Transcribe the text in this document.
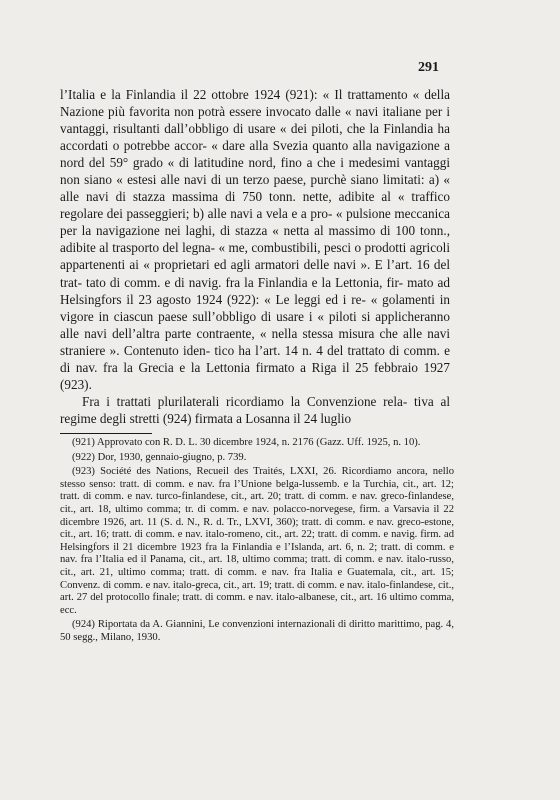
291

l’Italia e la Finlandia il 22 ottobre 1924 (921): « Il trattamento « della Nazione più favorita non potrà essere invocato dalle « navi italiane per i vantaggi, risultanti dall’obbligo di usare « dei piloti, che la Finlandia ha accordati o potrebbe accor- « dare alla Svezia quanto alla navigazione a nord del 59° grado « di latitudine nord, fino a che i medesimi vantaggi non siano « estesi alle navi di un terzo paese, purchè siano limitati: a) « alle navi di stazza massima di 750 tonn. nette, adibite al « traffico regolare dei passeggieri; b) alle navi a vela e a pro- « pulsione meccanica per la navigazione nei laghi, di stazza « netta al massimo di 100 tonn., adibite al trasporto del legna- « me, combustibili, pesci o prodotti agricoli appartenenti ai « proprietari ed agli armatori delle navi ». E l’art. 16 del trat- tato di comm. e di navig. fra la Finlandia e la Lettonia, fir- mato ad Helsingfors il 23 agosto 1924 (922): « Le leggi ed i re- « golamenti in vigore in ciascun paese sull’obbligo di usare i « piloti si applicheranno alle navi dell’altra parte contraente, « nella stessa misura che alle navi straniere ». Contenuto iden- tico ha l’art. 14 n. 4 del trattato di comm. e di nav. fra la Grecia e la Lettonia firmato a Riga il 25 febbraio 1927 (923).

Fra i trattati plurilaterali ricordiamo la Convenzione rela- tiva al regime degli stretti (924) firmata a Losanna il 24 luglio

(921) Approvato con R. D. L. 30 dicembre 1924, n. 2176 (Gazz. Uff. 1925, n. 10).

(922) Dor, 1930, gennaio-giugno, p. 739.

(923) Société des Nations, Recueil des Traités, LXXI, 26. Ricordiamo ancora, nello stesso senso: tratt. di comm. e nav. fra l’Unione belga-lussemb. e la Turchia, cit., art. 12; tratt. di comm. e nav. turco-finlandese, cit., art. 20; tratt. di comm. e nav. greco-finlandese, cit., art. 18, ultimo comma; tr. di comm. e nav. polacco-norvegese, firm. a Varsavia il 22 dicembre 1926, art. 11 (S. d. N., R. d. Tr., LXVI, 360); tratt. di comm. e nav. greco-estone, cit., art. 16; tratt. di comm. e nav. italo-romeno, cit., art. 22; tratt. di comm. e navig. firm. ad Helsingfors il 21 dicembre 1923 fra la Finlandia e l’Islanda, art. 6, n. 2; tratt. di comm. e nav. fra l’Italia ed il Panama, cit., art. 18, ultimo comma; tratt. di comm. e nav. italo-russo, cit., art. 21, ultimo comma; tratt. di comm. e nav. fra Italia e Guatemala, cit., art. 15; Convenz. di comm. e nav. italo-greca, cit., art. 19; tratt. di comm. e nav. italo-finlandese, cit., art. 27 del protocollo finale; tratt. di comm. e nav. italo-albanese, cit., art. 16 ultimo comma, ecc.

(924) Riportata da A. Giannini, Le convenzioni internazionali di diritto marittimo, pag. 4, 50 segg., Milano, 1930.
